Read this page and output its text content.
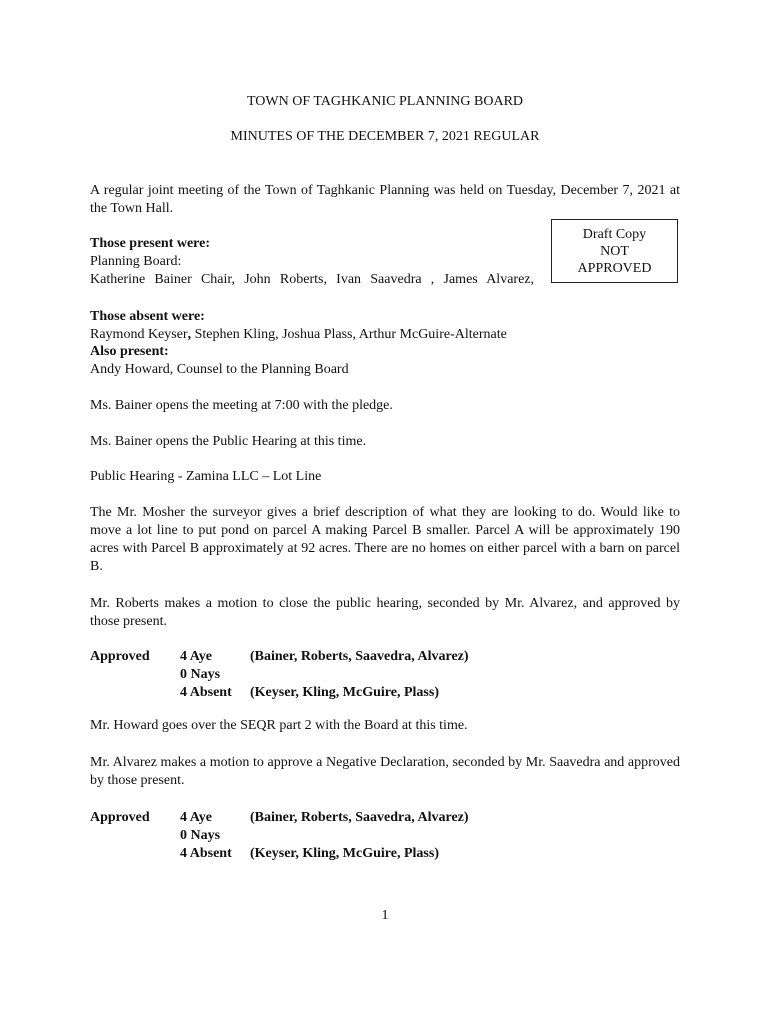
TOWN OF TAGHKANIC PLANNING BOARD
MINUTES OF THE DECEMBER 7, 2021 REGULAR
A regular joint meeting of the Town of Taghkanic Planning was held on Tuesday, December 7, 2021 at the Town Hall.
Draft Copy
NOT
APPROVED
Those present were:
Planning Board:
Katherine Bainer Chair, John Roberts, Ivan Saavedra , James Alvarez,
Those absent were:
Raymond Keyser, Stephen Kling, Joshua Plass, Arthur McGuire-Alternate
Also present:
Andy Howard, Counsel to the Planning Board
Ms. Bainer opens the meeting at 7:00 with the pledge.
Ms. Bainer opens the Public Hearing at this time.
Public Hearing - Zamina LLC – Lot Line
The Mr. Mosher the surveyor gives a brief description of what they are looking to do. Would like to move a lot line to put pond on parcel A making Parcel B smaller. Parcel A will be approximately 190 acres with Parcel B approximately at 92 acres. There are no homes on either parcel with a barn on parcel B.
Mr. Roberts makes a motion to close the public hearing, seconded by Mr. Alvarez, and approved by those present.
Approved 4 Aye	(Bainer, Roberts, Saavedra, Alvarez)
0 Nays
4 Absent (Keyser, Kling, McGuire, Plass)
Mr. Howard goes over the SEQR part 2 with the Board at this time.
Mr. Alvarez makes a motion to approve a Negative Declaration, seconded by Mr. Saavedra and approved by those present.
Approved 4 Aye	(Bainer, Roberts, Saavedra, Alvarez)
0 Nays
4 Absent (Keyser, Kling, McGuire, Plass)
1
